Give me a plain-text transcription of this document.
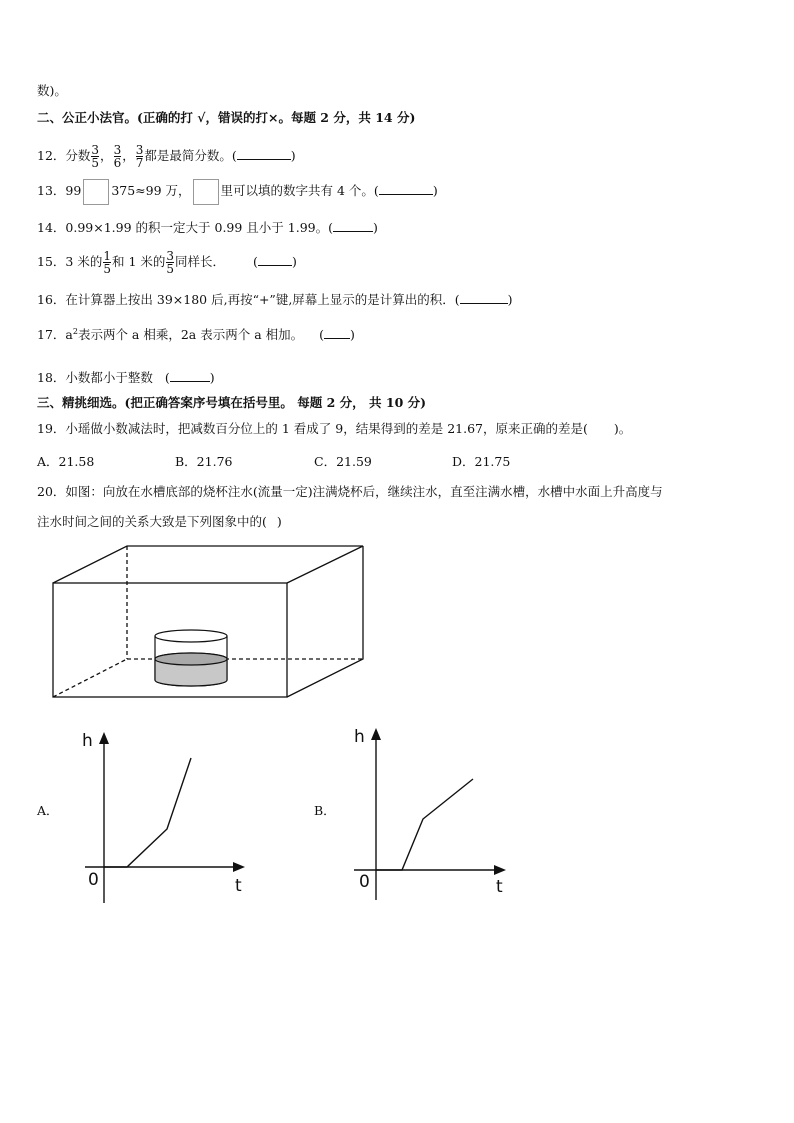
数)。
二、公正小法官。(正确的打 √，错误的打×。每题 2 分，共 14 分)
12．分数 $\frac{3}{5}$ ， $\frac{3}{6}$ ， $\frac{3}{7}$ 都是最简分数。(	)
13．99 375≈99 万， 里可以填的数字共有 4 个。(	)
14．0.99×1.99 的积一定大于 0.99 且小于 1.99。(	)
15．3 米的 $\frac{1}{5}$ 和 1 米的 $\frac{3}{5}$ 同样长． (	)
16．在计算器上按出 39×180 后,再按“+”键,屏幕上显示的是计算出的积．(	)
17．$a^2$表示两个 a 相乘，2a 表示两个 a 相加。 ( )
18．小数都小于整数 (	)
三、精挑细选。(把正确答案序号填在括号里。 每题 2 分， 共 10 分)
19．小瑶做小数减法时，把减数百分位上的 1 看成了 9，结果得到的差是 21.67，原来正确的差是( )。
A．21.58	B．21.76	C．21.59	D．21.75
20．如图：向放在水槽底部的烧杯注水(流量一定)注满烧杯后，继续注水，直至注满水槽，水槽中水面上升高度与
注水时间之间的关系大致是下列图象中的( )
A．
h
t
0
B．
h
t
0
